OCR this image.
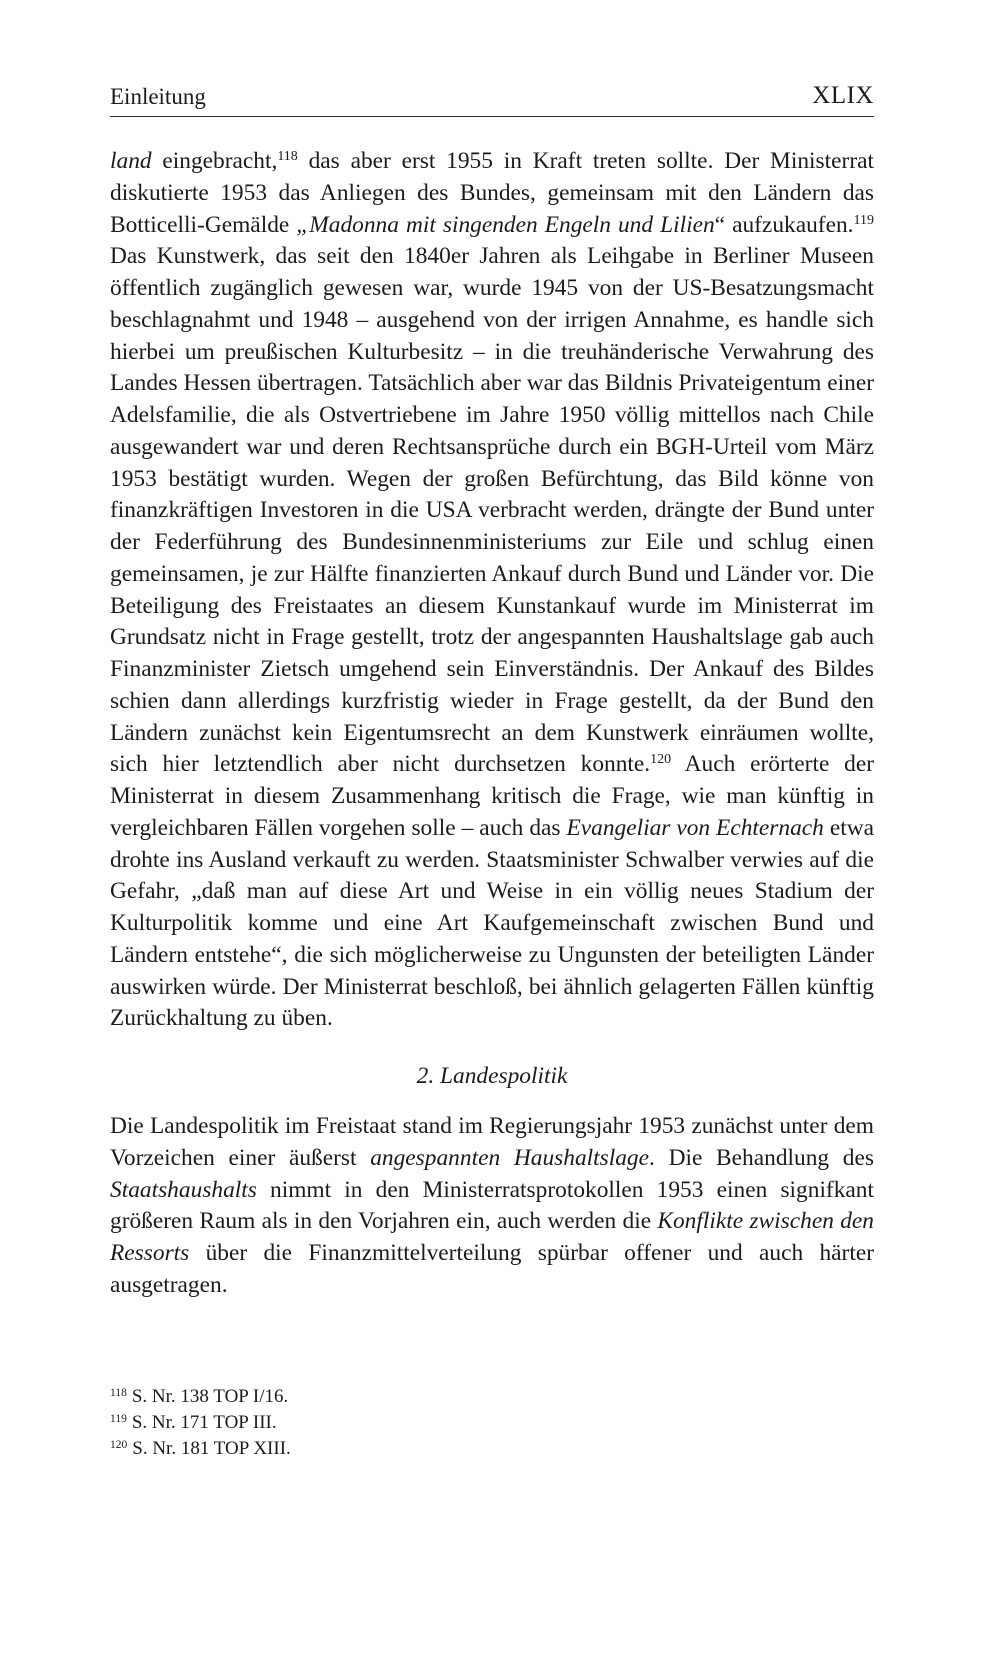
Einleitung	XLIX

land eingebracht,$^{118}$ das aber erst 1955 in Kraft treten sollte. Der Ministerrat diskutierte 1953 das Anliegen des Bundes, gemeinsam mit den Ländern das Botticelli-Gemälde „Madonna mit singenden Engeln und Lilien“ aufzukaufen.$^{119}$ Das Kunstwerk, das seit den 1840er Jahren als Leihgabe in Berliner Museen öffentlich zugänglich gewesen war, wurde 1945 von der US-Besatzungsmacht beschlagnahmt und 1948 – ausgehend von der irrigen Annahme, es handle sich hierbei um preußischen Kulturbesitz – in die treuhänderische Verwahrung des Landes Hessen übertragen. Tatsächlich aber war das Bildnis Privateigentum einer Adelsfamilie, die als Ostvertriebene im Jahre 1950 völlig mittellos nach Chile ausgewandert war und deren Rechtsansprüche durch ein BGH-Urteil vom März 1953 bestätigt wurden. Wegen der großen Befürchtung, das Bild könne von finanzkräftigen Investoren in die USA verbracht werden, drängte der Bund unter der Federführung des Bundesinnenministeriums zur Eile und schlug einen gemeinsamen, je zur Hälfte finanzierten Ankauf durch Bund und Länder vor. Die Beteiligung des Freistaates an diesem Kunstankauf wurde im Ministerrat im Grundsatz nicht in Frage gestellt, trotz der angespannten Haushaltslage gab auch Finanzminister Zietsch umgehend sein Einverständnis. Der Ankauf des Bildes schien dann allerdings kurzfristig wieder in Frage gestellt, da der Bund den Ländern zunächst kein Eigentumsrecht an dem Kunstwerk einräumen wollte, sich hier letztendlich aber nicht durchsetzen konnte.$^{120}$ Auch erörterte der Ministerrat in diesem Zusammenhang kritisch die Frage, wie man künftig in vergleichbaren Fällen vorgehen solle – auch das Evangeliar von Echternach etwa drohte ins Ausland verkauft zu werden. Staatsminister Schwalber verwies auf die Gefahr, „daß man auf diese Art und Weise in ein völlig neues Stadium der Kulturpolitik komme und eine Art Kaufgemeinschaft zwischen Bund und Ländern entstehe“, die sich möglicherweise zu Ungunsten der beteiligten Länder auswirken würde. Der Ministerrat beschloß, bei ähnlich gelagerten Fällen künftig Zurückhaltung zu üben.

2. Landespolitik

Die Landespolitik im Freistaat stand im Regierungsjahr 1953 zunächst unter dem Vorzeichen einer äußerst angespannten Haushaltslage. Die Behandlung des Staatshaushalts nimmt in den Ministerratsprotokollen 1953 einen signifkant größeren Raum als in den Vorjahren ein, auch werden die Konflikte zwischen den Ressorts über die Finanzmittelverteilung spürbar offener und auch härter ausgetragen.

$^{118}$ S. Nr. 138 TOP I/16.

$^{119}$ S. Nr. 171 TOP III.

$^{120}$ S. Nr. 181 TOP XIII.
